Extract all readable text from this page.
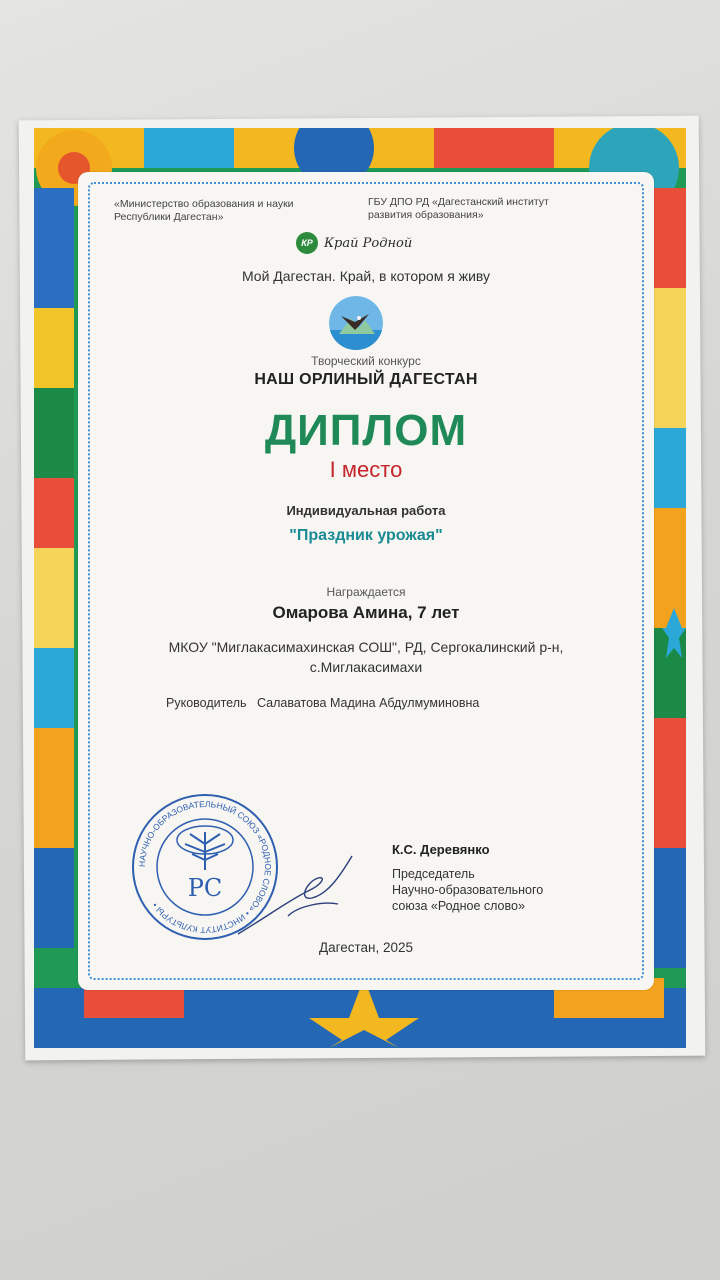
«Министерство образования и науки Республики Дагестан»

ГБУ ДПО РД «Дагестанский институт развития образования»

КР Край Родной

Мой Дагестан. Край, в котором я живу

Творческий конкурс

НАШ ОРЛИНЫЙ ДАГЕСТАН

ДИПЛОМ

I место

Индивидуальная работа

"Праздник урожая"

Награждается

Омарова Амина, 7 лет

МКОУ "Миглакасимахинская СОШ", РД, Сергокалинский р-н,

с.Миглакасимахи

Руководитель Салаватова Мадина Абдулмуминовна

НАУЧНО-ОБРАЗОВАТЕЛЬНЫЙ СОЮЗ «РОДНОЕ СЛОВО» • ИНСТИТУТ КУЛЬТУРЫ •
РС

К.С. Деревянко

Председатель

Научно-образовательного

союза «Родное слово»

Дагестан, 2025
